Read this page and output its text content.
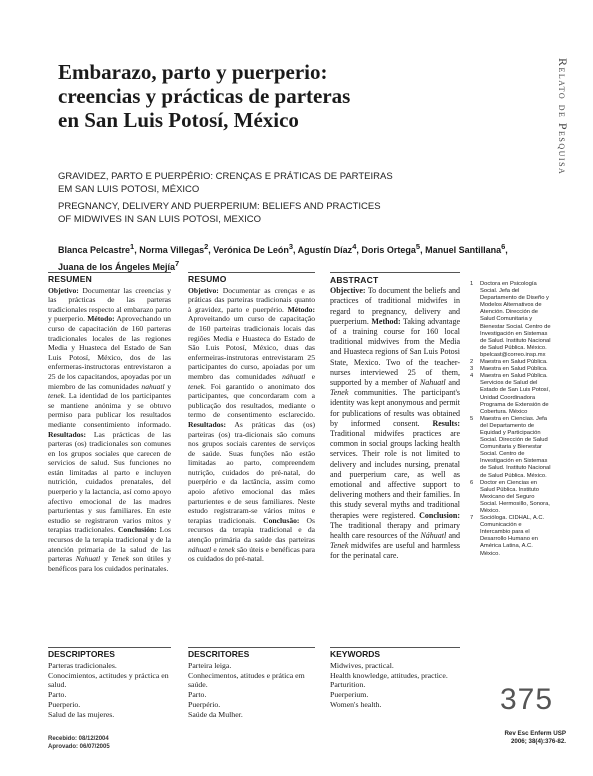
Embarazo, parto y puerperio:
creencias y prácticas de parteras
en San Luis Potosí, México	Relato de Pesquisa
GRAVIDEZ, PARTO E PUERPÉRIO: CRENÇAS E PRÁTICAS DE PARTEIRAS
EM SAN LUIS POTOSI, MÉXICO
PREGNANCY, DELIVERY AND PUERPERIUM: BELIEFS AND PRACTICES
OF MIDWIVES IN SAN LUIS POTOSI, MEXICO
Blanca Pelcastre$^1$, Norma Villegas$^2$, Verónica De León$^3$, Agustín Díaz$^4$, Doris Ortega$^5$, Manuel Santillana$^6$, Juana de los Ángeles Mejía$^7$
RESUMEN
Objetivo: Documentar las creencias y las prácticas de las parteras tradicionales respecto al embarazo parto y puerperio. Método: Aprovechando un curso de capacitación de 160 parteras tradicionales locales de las regiones Media y Huasteca del Estado de San Luis Potosí, México, dos de las enfermeras-instructoras entrevistaron a 25 de los capacitandos, apoyadas por un miembro de las comunidades nahuatl y tenek. La identidad de los participantes se mantiene anónima y se obtuvo permiso para publicar los resultados mediante consentimiento informado. Resultados: Las prácticas de las parteras (os) tradicionales son comunes en los grupos sociales que carecen de servicios de salud. Sus funciones no están limitadas al parto e incluyen nutrición, cuidados prenatales, del puerperio y la lactancia, así como apoyo afectivo emocional de las madres parturientas y sus familiares. En este estudio se registraron varios mitos y terapias tradicionales. Conclusión: Los recursos de la terapia tradicional y de la atención primaria de la salud de las parteras Nahuatl y Tenek son útiles y benéficos para los cuidados perinatales.
RESUMO
Objetivo: Documentar as crenças e as práticas das parteiras tradicionais quanto à gravidez, parto e puerpério. Método: Aproveitando um curso de capacitação de 160 parteiras tradicionais locais das regiões Media e Huasteca do Estado de São Luis Potosí, México, duas das enfermeiras-instrutoras entrevistaram 25 participantes do curso, apoiadas por um membro das comunidades náhuatl e tenek. Foi garantido o anonimato dos participantes, que concordaram com a publicação dos resultados, mediante o termo de consentimento esclarecido. Resultados: As práticas das (os) parteiras (os) tra-dicionais são comuns nos grupos sociais carentes de serviços de saúde. Suas funções não estão limitadas ao parto, compreendem nutrição, cuidados do pré-natal, do puerpério e da lactância, assim como apoio afetivo emocional das mães parturientes e de seus familiares. Neste estudo registraram-se vários mitos e terapias tradicionais. Conclusão: Os recursos da terapia tradicional e da atenção primária da saúde das parteiras náhuatl e tenek são úteis e benéficas para os cuidados do pré-natal.
ABSTRACT
Objective: To document the beliefs and practices of traditional midwifes in regard to pregnancy, delivery and puerperium. Method: Taking advantage of a training course for 160 local traditional midwives from the Media and Huasteca regions of San Luis Potosi State, Mexico. Two of the teacher-nurses interviewed 25 of them, supported by a member of Nahuatl and Tenek communities. The participant's identity was kept anonymous and permit for publications of results was obtained by informed consent. Results: Traditional midwifes practices are common in social groups lacking health services. Their role is not limited to delivery and includes nursing, prenatal and puerperium care, as well as emotional and affective support to delivering mothers and their families. In this study several myths and traditional therapies were registered. Conclusion: The traditional therapy and primary health care resources of the Náhuatl and Tenek midwifes are useful and harmless for the perinatal care.
1	Doctora en Psicología Social. Jefa del Departamento de Diseño y Modelos Alternativos de Atención. Dirección de Salud Comunitaria y Bienestar Social. Centro de Investigación en Sistemas de Salud. Instituto Nacional de Salud Pública. México. bpelcast@correo.insp.mx
2	Maestra en Salud Pública.
3	Maestra en Salud Pública.
4	Maestra en Salud Pública. Servicios de Salud del Estado de San Luis Potosí, Unidad Coordinadora Programa de Extensión de Cobertura. México
5	Maestra en Ciencias. Jefa del Departamento de Equidad y Participación Social. Dirección de Salud Comunitaria y Bienestar Social. Centro de Investigación en Sistemas de Salud. Instituto Nacional de Salud Pública. México.
6	Doctor en Ciencias en Salud Pública. Instituto Mexicano del Seguro Social. Hermosillo, Sonora, México.
7	Socióloga. CIDHAL, A.C. Comunicación e Intercambio para el Desarrollo Humano en América Latina, A.C. México.
DESCRIPTORES
Parteras tradicionales.
Conocimientos, actitudes y práctica en salud.
Parto.
Puerperio.
Salud de las mujeres.
DESCRITORES
Parteira leiga.
Conhecimentos, atitudes e prática em saúde.
Parto.
Puerpério.
Saúde da Mulher.
KEYWORDS
Midwives, practical.
Health knowledge, attitudes, practice.
Parturition.
Puerperium.
Women's health.
Recebido: 08/12/2004
Aprovado: 06/07/2005
375
Rev Esc Enferm USP
2006; 38(4):376-82.
